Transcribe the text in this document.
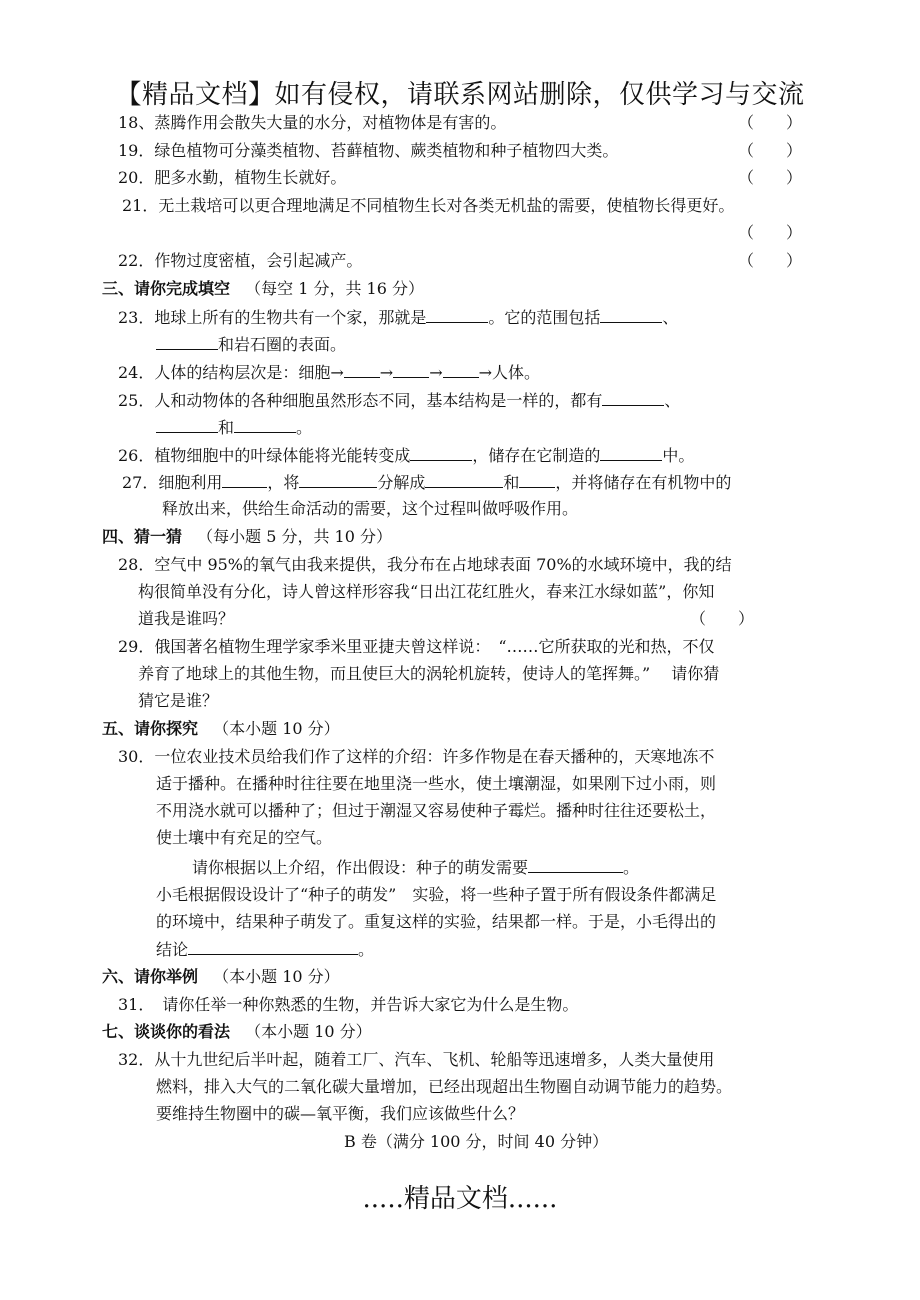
【精品文档】如有侵权，请联系网站删除，仅供学习与交流
18、蒸腾作用会散失大量的水分，对植物体是有害的。	（　　）
19．绿色植物可分藻类植物、苔藓植物、蕨类植物和种子植物四大类。	（　　）
20．肥多水勤，植物生长就好。	（　　）
21．无土栽培可以更合理地满足不同植物生长对各类无机盐的需要，使植物长得更好。
（　　）
22．作物过度密植，会引起减产。	（　　）
三、请你完成填空 （每空 1 分，共 16 分）
23．地球上所有的生物共有一个家，那就是	。它的范围包括	、
和岩石圈的表面。
24．人体的结构层次是：细胞→ → → →人体。
25．人和动物体的各种细胞虽然形态不同，基本结构是一样的，都有	、
和	。
26．植物细胞中的叶绿体能将光能转变成	，储存在它制造的	中。
27．细胞利用	，将	分解成	和 ，并将储存在有机物中的
释放出来，供给生命活动的需要，这个过程叫做呼吸作用。
四、猜一猜 （每小题 5 分，共 10 分）
28．空气中 95%的氧气由我来提供，我分布在占地球表面 70%的水域环境中，我的结
构很简单没有分化，诗人曾这样形容我“日出江花红胜火，春来江水绿如蓝”，你知
道我是谁吗？	（　　）
29．俄国著名植物生理学家季米里亚捷夫曾这样说：　“……它所获取的光和热，不仅
养育了地球上的其他生物，而且使巨大的涡轮机旋转，使诗人的笔挥舞。”　 请你猜
猜它是谁？
五、请你探究 （本小题 10 分）
30．一位农业技术员给我们作了这样的介绍：许多作物是在春天播种的，天寒地冻不
适于播种。在播种时往往要在地里浇一些水，使土壤潮湿，如果刚下过小雨，则
不用浇水就可以播种了；但过于潮湿又容易使种子霉烂。播种时往往还要松土，
使土壤中有充足的空气。
请你根据以上介绍，作出假设：种子的萌发需要	。
小毛根据假设设计了“种子的萌发”　实验，将一些种子置于所有假设条件都满足
的环境中，结果种子萌发了。重复这样的实验，结果都一样。于是，小毛得出的
结论	。
六、请你举例 （本小题 10 分）
31．　请你任举一种你熟悉的生物，并告诉大家它为什么是生物。
七、谈谈你的看法 （本小题 10 分）
32．从十九世纪后半叶起，随着工厂、汽车、飞机、轮船等迅速增多，人类大量使用
燃料，排入大气的二氧化碳大量增加，已经出现超出生物圈自动调节能力的趋势。
要维持生物圈中的碳—氧平衡，我们应该做些什么？
B 卷（满分 100 分，时间 40 分钟）
.....精品文档......
